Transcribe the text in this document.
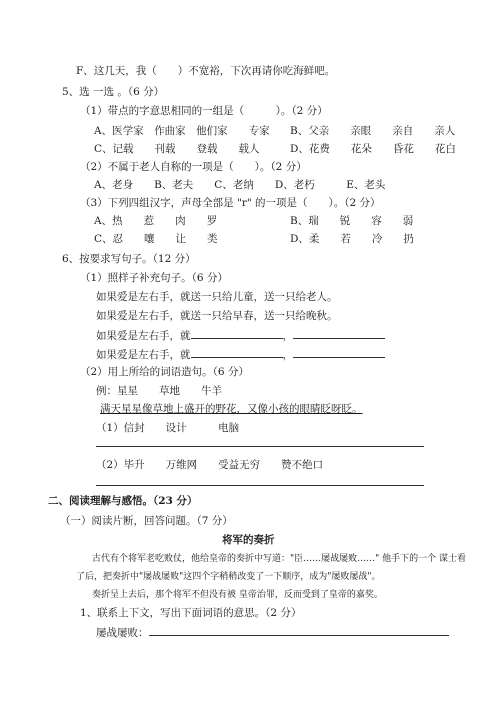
F、这几天，我（　　）不宽裕，下次再请你吃海鲜吧。
5、选 一选 。（6 分）
（1）带点的字意思相同的一组是（　　　）。（2 分）
A、医学家　作曲家　他们家　　专家 B、父亲　　亲眼　　亲自　　亲人
C、记载　　刊载　　登载　　载人	D、花费　　花朵　　昏花　　花白
（2）不属于老人自称的一项是（　　）。（2 分）
A、老身　　B、老夫　　C、老纳　　D、老朽　　　E、老头
（3）下列四组汉字，声母全部是 "r" 的一项是（　　）。（2 分）
A、热　　惹　　肉　　罗	B、瑞　　锐　　容　　弱
C、忍　　嚷　　让　　类	D、柔　　若　　冷　　扔
6、按要求写句子。（12 分）
（1）照样子补充句子。（6 分）
如果爱是左右手，就送一只给儿童，送一只给老人。
如果爱是左右手，就送一只给早春，送一只给晚秋。
如果爱是左右手，就	，
如果爱是左右手，就	，
（2）用上所给的词语造句。（6 分）
例：星星　　草地　　牛羊
满天星星像草地上盛开的野花，又像小孩的眼睛眨呀眨。
（1）信封　　设计　　　电脑
（2）毕升　　万维网　　受益无穷　　赞不绝口
二、阅读理解与感悟。（23 分）
（一）阅读片断，回答问题。（7 分）
将军的奏折
古代有个将军老吃败仗，他给皇帝的奏折中写道："臣……屡战屡败……" 他手下的一个 谋士看
了后，把奏折中"屡战屡败"这四个字稍稍改变了一下顺序，成为"屡败屡战"。
奏折呈上去后，那个将军不但没有被 皇帝治罪，反而受到了皇帝的嘉奖。
1、联系上下文，写出下面词语的意思。（2 分）
屡战屡败：
